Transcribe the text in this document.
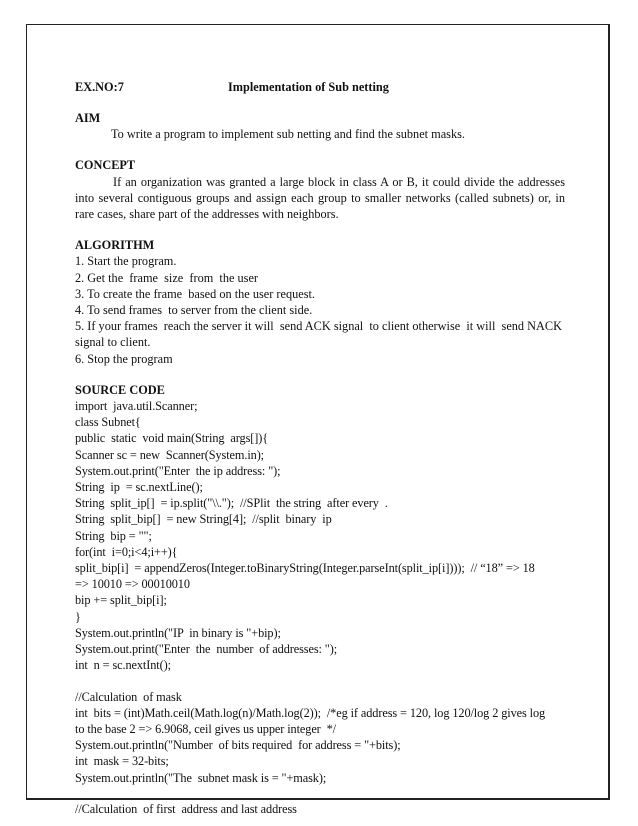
EX.NO:7	Implementation of Sub netting
AIM
To write a program to implement sub netting and find the subnet masks.
CONCEPT
If an organization was granted a large block in class A or B, it could divide the addresses into several contiguous groups and assign each group to smaller networks (called subnets) or, in rare cases, share part of the addresses with neighbors.
ALGORITHM
1. Start the program.
2. Get the  frame  size  from  the user
3. To create the frame  based on the user request.
4. To send frames  to server from the client side.
5. If your frames  reach the server it will  send ACK signal  to client otherwise  it will  send NACK
signal to client.
6. Stop the program
SOURCE CODE
import  java.util.Scanner;
class Subnet{
public  static  void main(String  args[]){
Scanner sc = new  Scanner(System.in);
System.out.print("Enter  the ip address: ");
String  ip  = sc.nextLine();
String  split_ip[]  = ip.split("\\.");  //SPlit  the string  after every  .
String  split_bip[]  = new String[4];  //split  binary  ip
String  bip = "";
for(int  i=0;i<4;i++){
split_bip[i]  = appendZeros(Integer.toBinaryString(Integer.parseInt(split_ip[i])));  // “18” => 18
=> 10010 => 00010010
bip += split_bip[i];
}
System.out.println("IP  in binary is "+bip);
System.out.print("Enter  the  number  of addresses: ");
int  n = sc.nextInt();
//Calculation  of mask
int  bits = (int)Math.ceil(Math.log(n)/Math.log(2));  /*eg if address = 120, log 120/log 2 gives log
to the base 2 => 6.9068, ceil gives us upper integer  */
System.out.println("Number  of bits required  for address = "+bits);
int  mask = 32-bits;
System.out.println("The  subnet mask is = "+mask);
//Calculation  of first  address and last address
